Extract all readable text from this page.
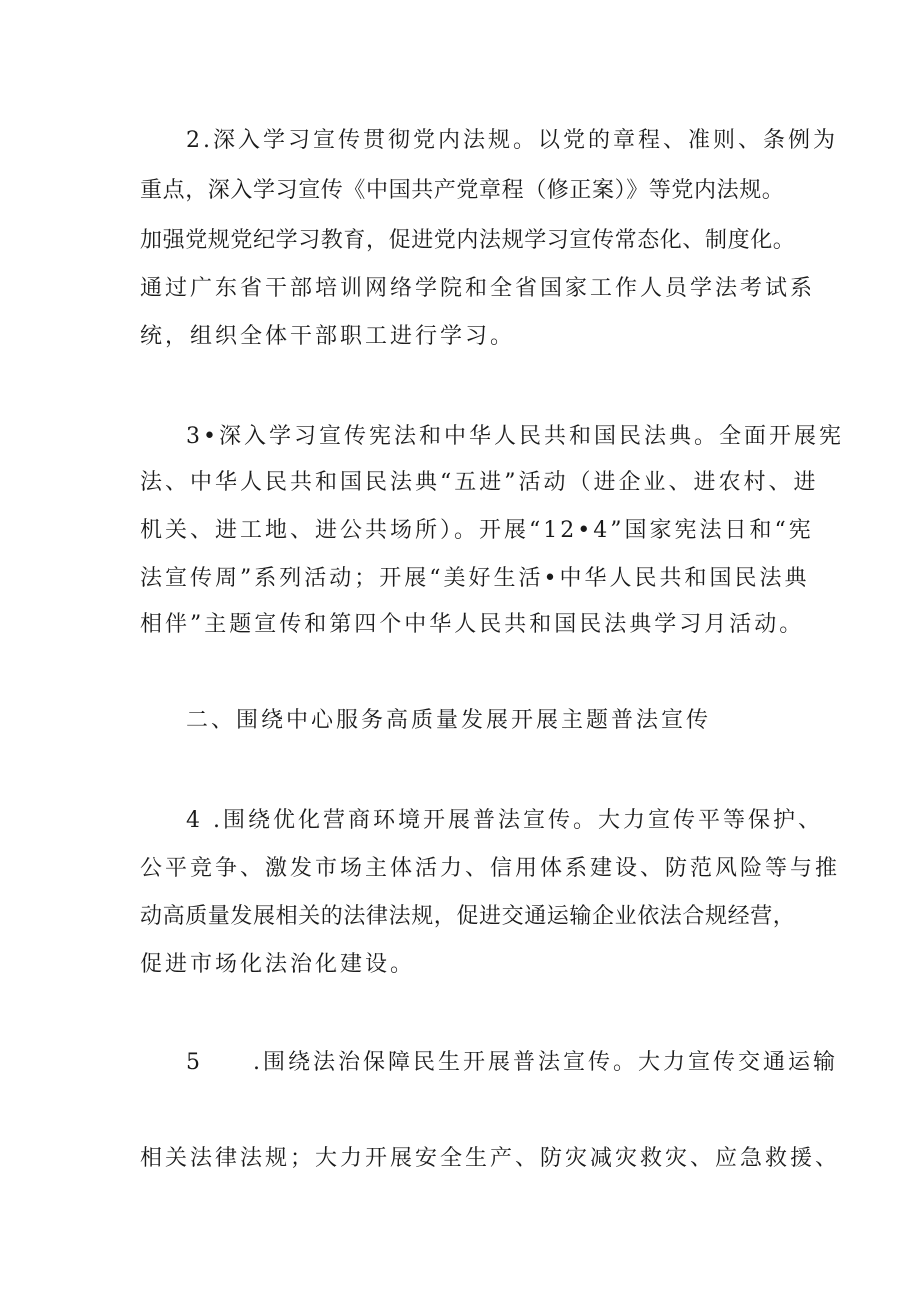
2.深入学习宣传贯彻党内法规。以党的章程、准则、条例为
重点，深入学习宣传《中国共产党章程（修正案）》等党内法规。
加强党规党纪学习教育，促进党内法规学习宣传常态化、制度化。
通过广东省干部培训网络学院和全省国家工作人员学法考试系
统，组织全体干部职工进行学习。
3•深入学习宣传宪法和中华人民共和国民法典。全面开展宪
法、中华人民共和国民法典“五进”活动（进企业、进农村、进
机关、进工地、进公共场所）。开展“12•4”国家宪法日和“宪
法宣传周”系列活动；开展“美好生活•中华人民共和国民法典
相伴”主题宣传和第四个中华人民共和国民法典学习月活动。
二、围绕中心服务高质量发展开展主题普法宣传
4 .围绕优化营商环境开展普法宣传。大力宣传平等保护、
公平竞争、激发市场主体活力、信用体系建设、防范风险等与推
动高质量发展相关的法律法规，促进交通运输企业依法合规经营，
促进市场化法治化建设。
5     .围绕法治保障民生开展普法宣传。大力宣传交通运输
相关法律法规；大力开展安全生产、防灾减灾救灾、应急救援、
